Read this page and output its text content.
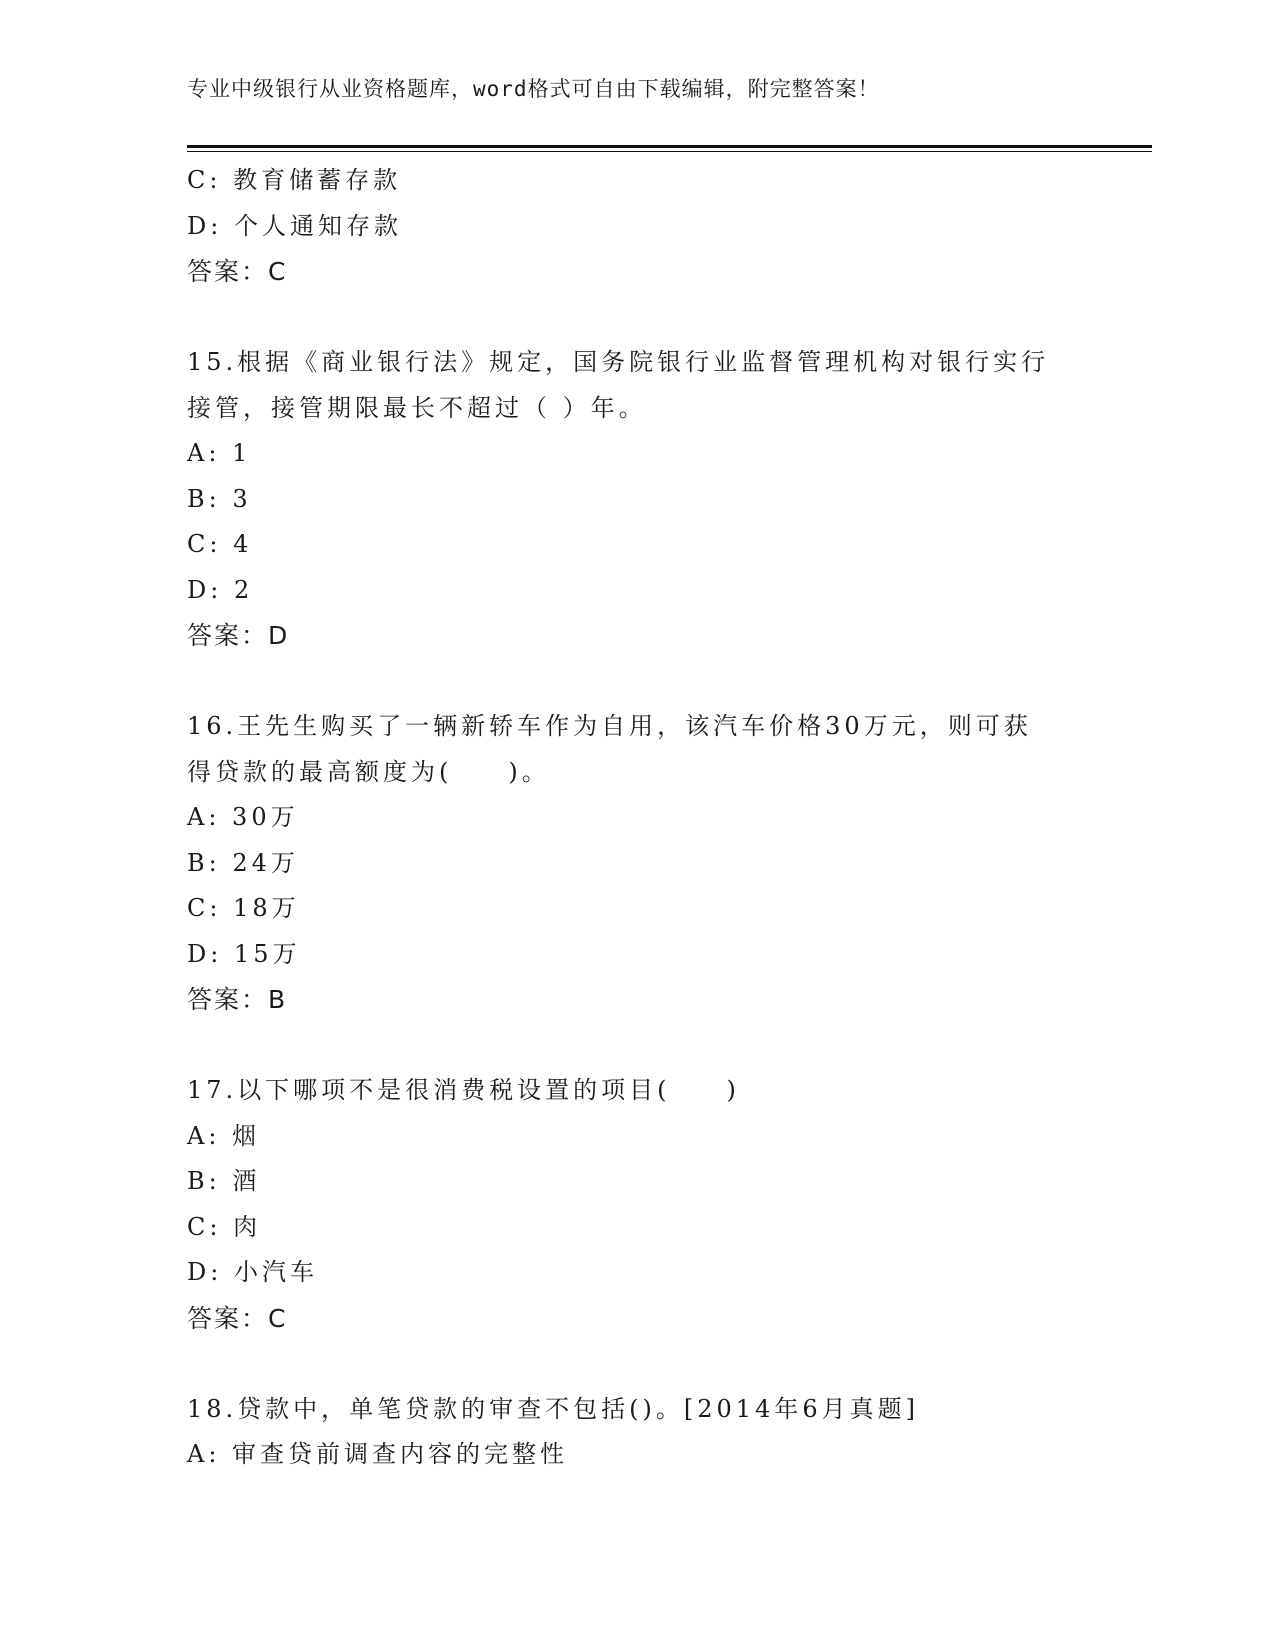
专业中级银行从业资格题库，word格式可自由下载编辑，附完整答案！
C: 教育储蓄存款
D: 个人通知存款
答案：C
15.根据《商业银行法》规定，国务院银行业监督管理机构对银行实行
接管，接管期限最长不超过（ ）年。
A: 1
B: 3
C: 4
D: 2
答案：D
16.王先生购买了一辆新轿车作为自用，该汽车价格30万元，则可获
得贷款的最高额度为(　　)。
A: 30万
B: 24万
C: 18万
D: 15万
答案：B
17.以下哪项不是很消费税设置的项目(　　)
A: 烟
B: 酒
C: 肉
D: 小汽车
答案：C
18.贷款中，单笔贷款的审查不包括()。[2014年6月真题]
A: 审查贷前调查内容的完整性
